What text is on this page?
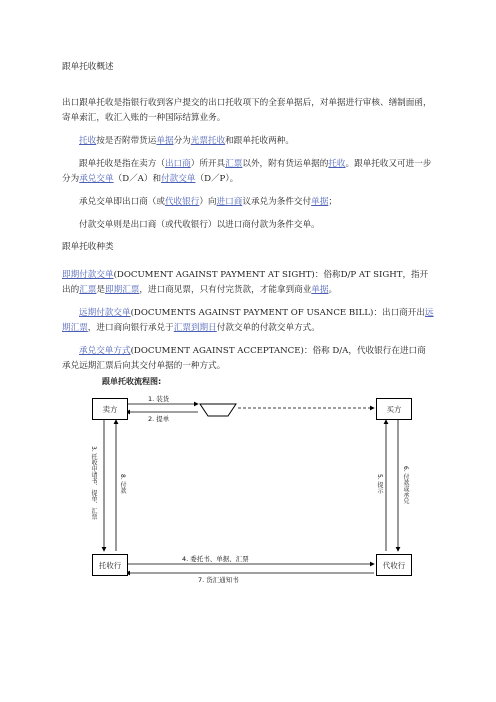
跟单托收概述

出口跟单托收是指银行收到客户提交的出口托收项下的全套单据后，对单据进行审核、缮制面函，寄单索汇，收汇入账的一种国际结算业务。

托收按是否附带货运单据分为光票托收和跟单托收两种。

跟单托收是指在卖方（出口商）所开具汇票以外，附有货运单据的托收。跟单托收又可进一步分为承兑交单（D／A）和付款交单（D／P）。

承兑交单即出口商（或代收银行）向进口商议承兑为条件交付单据；

付款交单则是出口商（或代收银行）以进口商付款为条件交单。

跟单托收种类

即期付款交单(DOCUMENT AGAINST PAYMENT AT SIGHT)：俗称D/P AT SIGHT，指开出的汇票是即期汇票，进口商见票，只有付完货款，才能拿到商业单据。

远期付款交单(DOCUMENTS AGAINST PAYMENT OF USANCE BILL)：出口商开出远期汇票，进口商向银行承兑于汇票到期日付款交单的付款交单方式。

承兑交单方式(DOCUMENT AGAINST ACCEPTANCE)：俗称 D/A，代收银行在进口商承兑远期汇票后向其交付单据的一种方式。

跟单托收流程图:
卖方	买方
托收行	代收行
1. 装货
2. 提单
3. 托收申请书、提单、汇票	8. 付款
4. 委托书、单据、汇票
7. 货汇通知书
5. 提示	6. 付款或承兑
